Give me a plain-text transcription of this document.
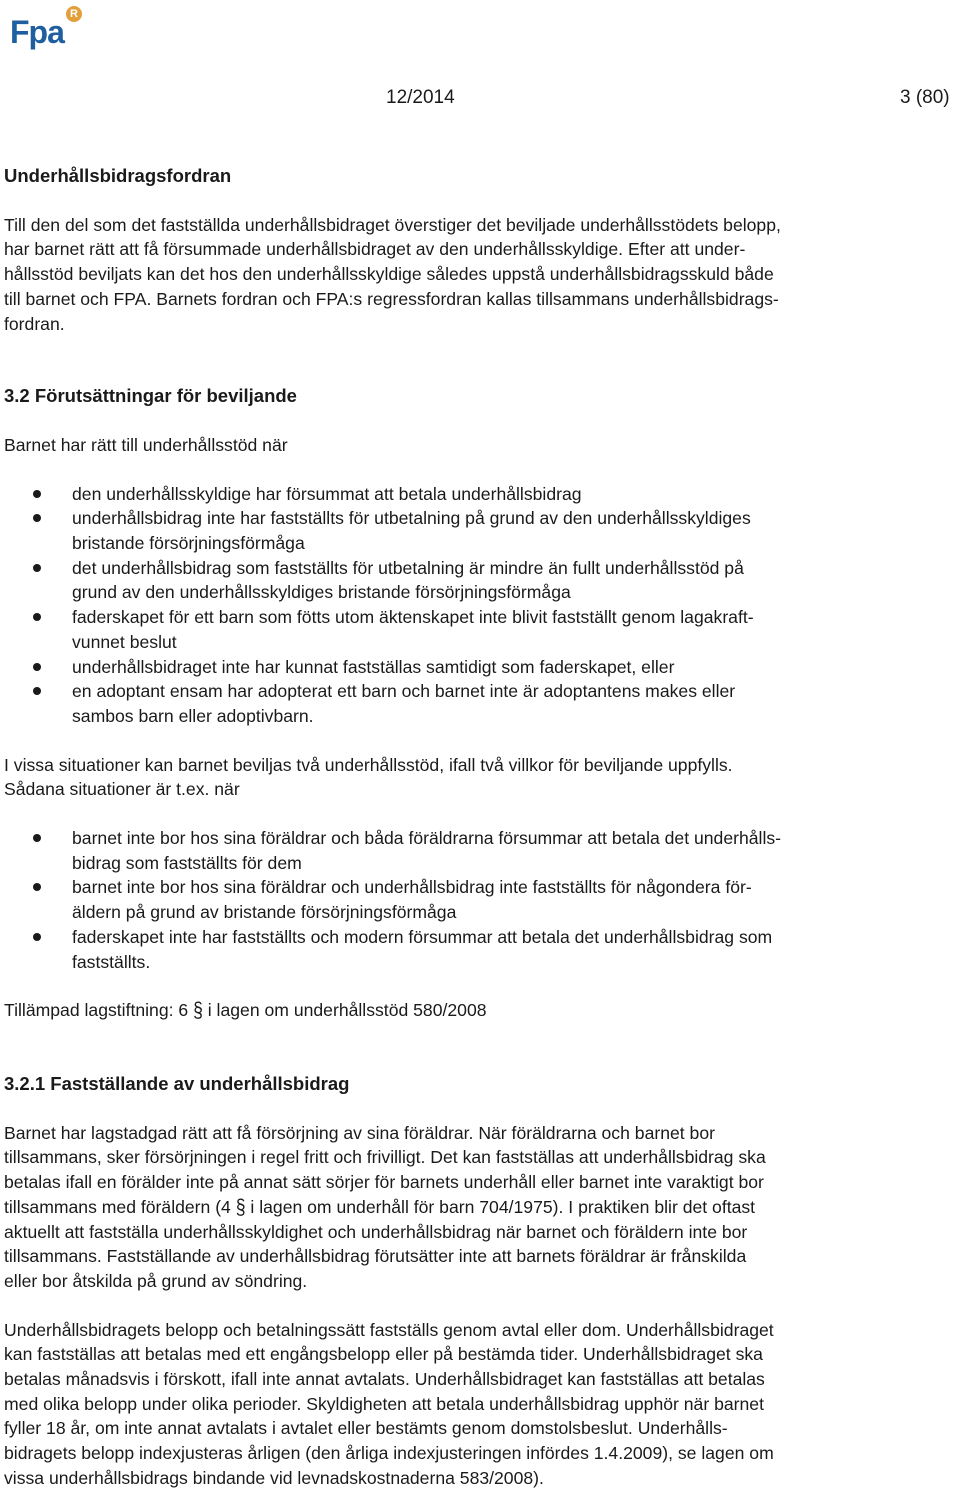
Fpa R
12/2014	3 (80)

Underhållsbidragsfordran

Till den del som det fastställda underhållsbidraget överstiger det beviljade underhållsstödets belopp,
har barnet rätt att få försummade underhållsbidraget av den underhållsskyldige. Efter att under-
hållsstöd beviljats kan det hos den underhållsskyldige således uppstå underhållsbidragsskuld både
till barnet och FPA. Barnets fordran och FPA:s regressfordran kallas tillsammans underhållsbidrags-
fordran.

3.2 Förutsättningar för beviljande

Barnet har rätt till underhållsstöd när

den underhållsskyldige har försummat att betala underhållsbidrag
underhållsbidrag inte har fastställts för utbetalning på grund av den underhållsskyldiges
bristande försörjningsförmåga
det underhållsbidrag som fastställts för utbetalning är mindre än fullt underhållsstöd på
grund av den underhållsskyldiges bristande försörjningsförmåga
faderskapet för ett barn som fötts utom äktenskapet inte blivit fastställt genom lagakraft-
vunnet beslut
underhållsbidraget inte har kunnat fastställas samtidigt som faderskapet, eller
en adoptant ensam har adopterat ett barn och barnet inte är adoptantens makes eller
sambos barn eller adoptivbarn.

I vissa situationer kan barnet beviljas två underhållsstöd, ifall två villkor för beviljande uppfylls.
Sådana situationer är t.ex. när

barnet inte bor hos sina föräldrar och båda föräldrarna försummar att betala det underhålls-
bidrag som fastställts för dem
barnet inte bor hos sina föräldrar och underhållsbidrag inte fastställts för någondera för-
äldern på grund av bristande försörjningsförmåga
faderskapet inte har fastställts och modern försummar att betala det underhållsbidrag som
fastställts.

Tillämpad lagstiftning: 6 § i lagen om underhållsstöd 580/2008

3.2.1 Fastställande av underhållsbidrag

Barnet har lagstadgad rätt att få försörjning av sina föräldrar. När föräldrarna och barnet bor
tillsammans, sker försörjningen i regel fritt och frivilligt. Det kan fastställas att underhållsbidrag ska
betalas ifall en förälder inte på annat sätt sörjer för barnets underhåll eller barnet inte varaktigt bor
tillsammans med föräldern (4 § i lagen om underhåll för barn 704/1975). I praktiken blir det oftast
aktuellt att fastställa underhållsskyldighet och underhållsbidrag när barnet och föräldern inte bor
tillsammans. Fastställande av underhållsbidrag förutsätter inte att barnets föräldrar är frånskilda
eller bor åtskilda på grund av söndring.

Underhållsbidragets belopp och betalningssätt fastställs genom avtal eller dom. Underhållsbidraget
kan fastställas att betalas med ett engångsbelopp eller på bestämda tider. Underhållsbidraget ska
betalas månadsvis i förskott, ifall inte annat avtalats. Underhållsbidraget kan fastställas att betalas
med olika belopp under olika perioder. Skyldigheten att betala underhållsbidrag upphör när barnet
fyller 18 år, om inte annat avtalats i avtalet eller bestämts genom domstolsbeslut. Underhålls-
bidragets belopp indexjusteras årligen (den årliga indexjusteringen infördes 1.4.2009), se lagen om
vissa underhållsbidrags bindande vid levnadskostnaderna 583/2008).
